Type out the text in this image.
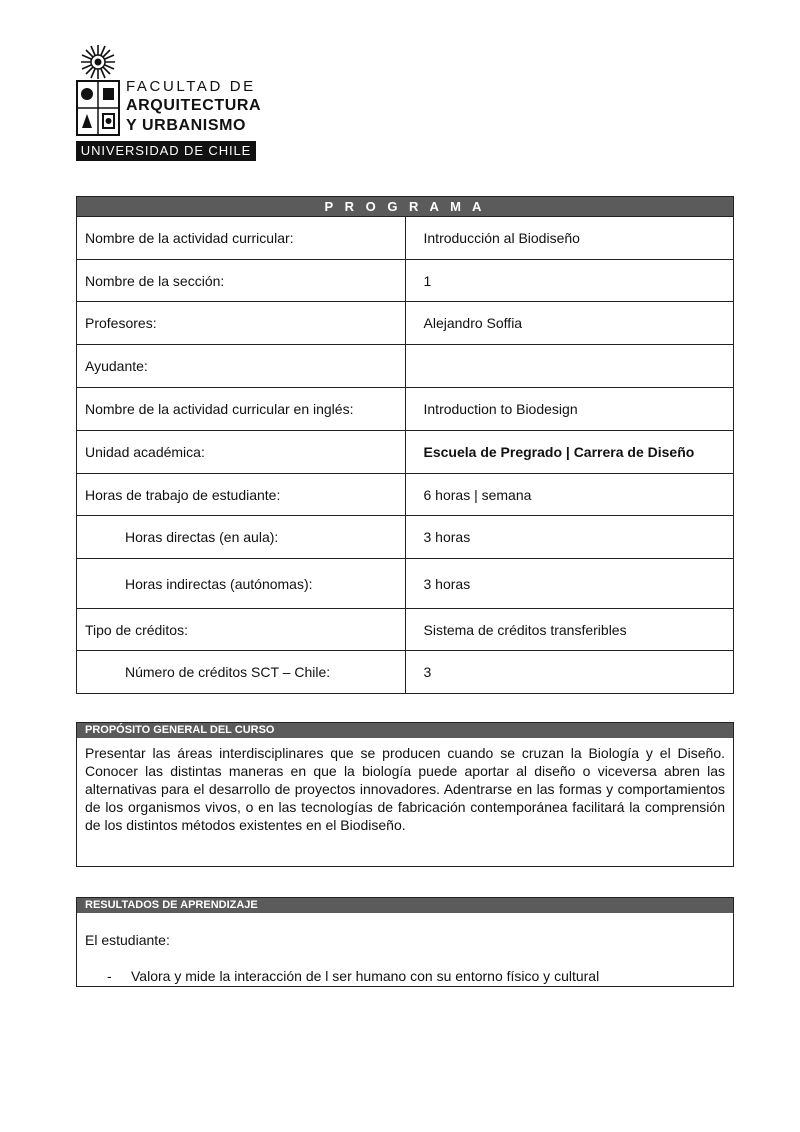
FACULTAD DE
ARQUITECTURA
Y URBANISMO
UNIVERSIDAD DE CHILE
P R O G R A M A	
Nombre de la actividad curricular:	Introducción al Biodiseño
Nombre de la sección:	1
Profesores:	Alejandro Soffia
Ayudante:	
Nombre de la actividad curricular en inglés:	Introduction to Biodesign
Unidad académica:	Escuela de Pregrado | Carrera de Diseño
Horas de trabajo de estudiante:	6 horas | semana
Horas directas (en aula):	3 horas
Horas indirectas (autónomas):	3 horas
Tipo de créditos:	Sistema de créditos transferibles
Número de créditos SCT – Chile:	3
PROPÓSITO GENERAL DEL CURSO
Presentar las áreas interdisciplinares que se producen cuando se cruzan la Biología y el Diseño. Conocer las distintas maneras en que la biología puede aportar al diseño o viceversa abren las alternativas para el desarrollo de proyectos innovadores. Adentrarse en las formas y comportamientos de los organismos vivos, o en las tecnologías de fabricación contemporánea facilitará la comprensión de los distintos métodos existentes en el Biodiseño.
RESULTADOS DE APRENDIZAJE
El estudiante:
- Valora y mide la interacción de l ser humano con su entorno físico y cultural
